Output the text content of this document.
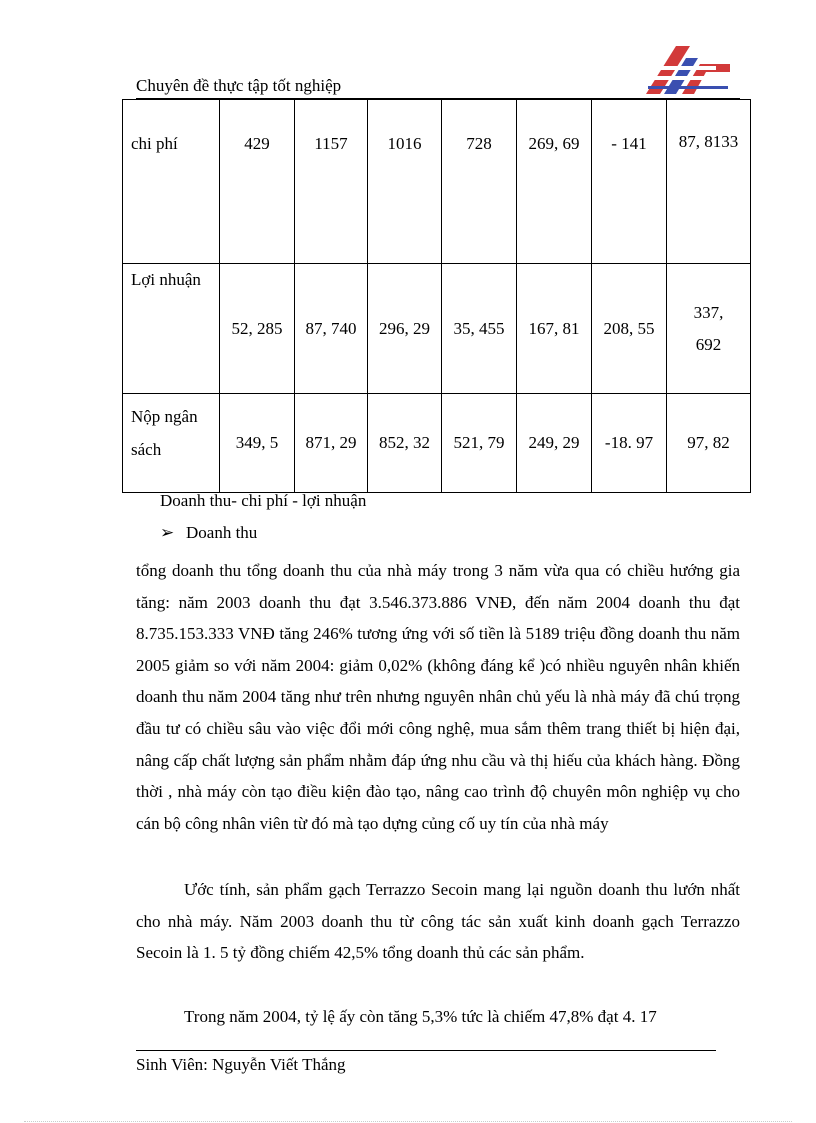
Chuyên đề thực tập tốt nghiệp
chi phí	429	1157	1016	728	269, 69	- 141	87, 8133

Lợi nhuận	52, 285	87, 740	296, 29	35, 455	167, 81	208, 55	337, 692

Nộp ngân sách	349, 5	871, 29	852, 32	521, 79	249, 29	-18. 97	97, 82
Doanh thu- chi phí - lợi nhuận
➢ Doanh thu
tổng doanh thu tổng doanh thu của nhà máy trong 3 năm vừa qua có chiều hướng gia tăng: năm 2003 doanh thu đạt 3.546.373.886 VNĐ, đến năm 2004 doanh thu đạt 8.735.153.333 VNĐ tăng 246% tương ứng với số tiền là 5189 triệu đồng doanh thu năm 2005 giảm so với năm 2004: giảm 0,02% (không đáng kể )có nhiều nguyên nhân khiến doanh thu năm 2004 tăng như trên nhưng nguyên nhân chủ yếu là nhà máy đã chú trọng đầu tư có chiều sâu vào việc đổi mới công nghệ, mua sắm thêm trang thiết bị hiện đại, nâng cấp chất lượng sản phẩm nhằm đáp ứng nhu cầu và thị hiếu của khách hàng. Đồng thời , nhà máy còn tạo điều kiện đào tạo, nâng cao trình độ chuyên môn nghiệp vụ cho cán bộ công nhân viên từ đó mà tạo dựng củng cố uy tín của nhà máy
Ước tính, sản phẩm gạch Terrazzo Secoin mang lại nguồn doanh thu lướn nhất cho nhà máy. Năm 2003 doanh thu từ công tác sản xuất kinh doanh gạch Terrazzo Secoin là 1. 5 tỷ đồng chiếm 42,5% tổng doanh thủ các sản phẩm.
Trong năm 2004, tỷ lệ ấy còn tăng 5,3% tức là chiếm 47,8% đạt 4. 17
Sinh Viên: Nguyễn Viết Thắng
